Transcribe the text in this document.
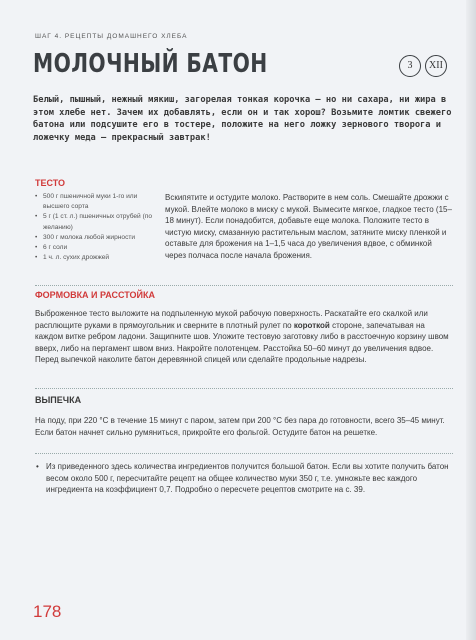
ШАГ 4. РЕЦЕПТЫ ДОМАШНЕГО ХЛЕБА
МОЛОЧНЫЙ БАТОН	3	XII

Белый, пышный, нежный мякиш, загорелая тонкая корочка — но ни сахара, ни жира в этом хлебе нет. Зачем их добавлять, если он и так хорош? Возьмите ломтик свежего батона или подсушите его в тостере, положите на него ложку зернового творога и ложечку меда — прекрасный завтрак!

ТЕСТО
• 500 г пшеничной муки 1-го или высшего сорта
• 5 г (1 ст. л.) пшеничных отрубей (по желанию)
• 300 г молока любой жирности
• 6 г соли
• 1 ч. л. сухих дрожжей

Вскипятите и остудите молоко. Растворите в нем соль. Смешайте дрожжи с мукой. Влейте молоко в миску с мукой. Вымесите мягкое, гладкое тесто (15–18 минут). Если понадобится, добавьте еще молока. Положите тесто в чистую миску, смазанную растительным маслом, затяните миску пленкой и оставьте для брожения на 1–1,5 часа до увеличения вдвое, с обминкой через полчаса после начала брожения.

ФОРМОВКА И РАССТОЙКА

Выброженное тесто выложите на подпыленную мукой рабочую поверхность. Раскатайте его скалкой или расплющите руками в прямоугольник и сверните в плотный рулет по короткой стороне, запечатывая на каждом витке ребром ладони. Защипните шов. Уложите тестовую заготовку либо в расстоечную корзину швом вверх, либо на пергамент швом вниз. Накройте полотенцем. Расстойка 50–60 минут до увеличения вдвое. Перед выпечкой наколите батон деревянной спицей или сделайте продольные надрезы.

ВЫПЕЧКА

На поду, при 220 °С в течение 15 минут с паром, затем при 200 °С без пара до готовности, всего 35–45 минут. Если батон начнет сильно румяниться, прикройте его фольгой. Остудите батон на решетке.

• Из приведенного здесь количества ингредиентов получится большой батон. Если вы хотите получить батон весом около 500 г, пересчитайте рецепт на общее количество муки 350 г, т.е. умножьте вес каждого ингредиента на коэффициент 0,7. Подробно о пересчете рецептов смотрите на с. 39.

178
